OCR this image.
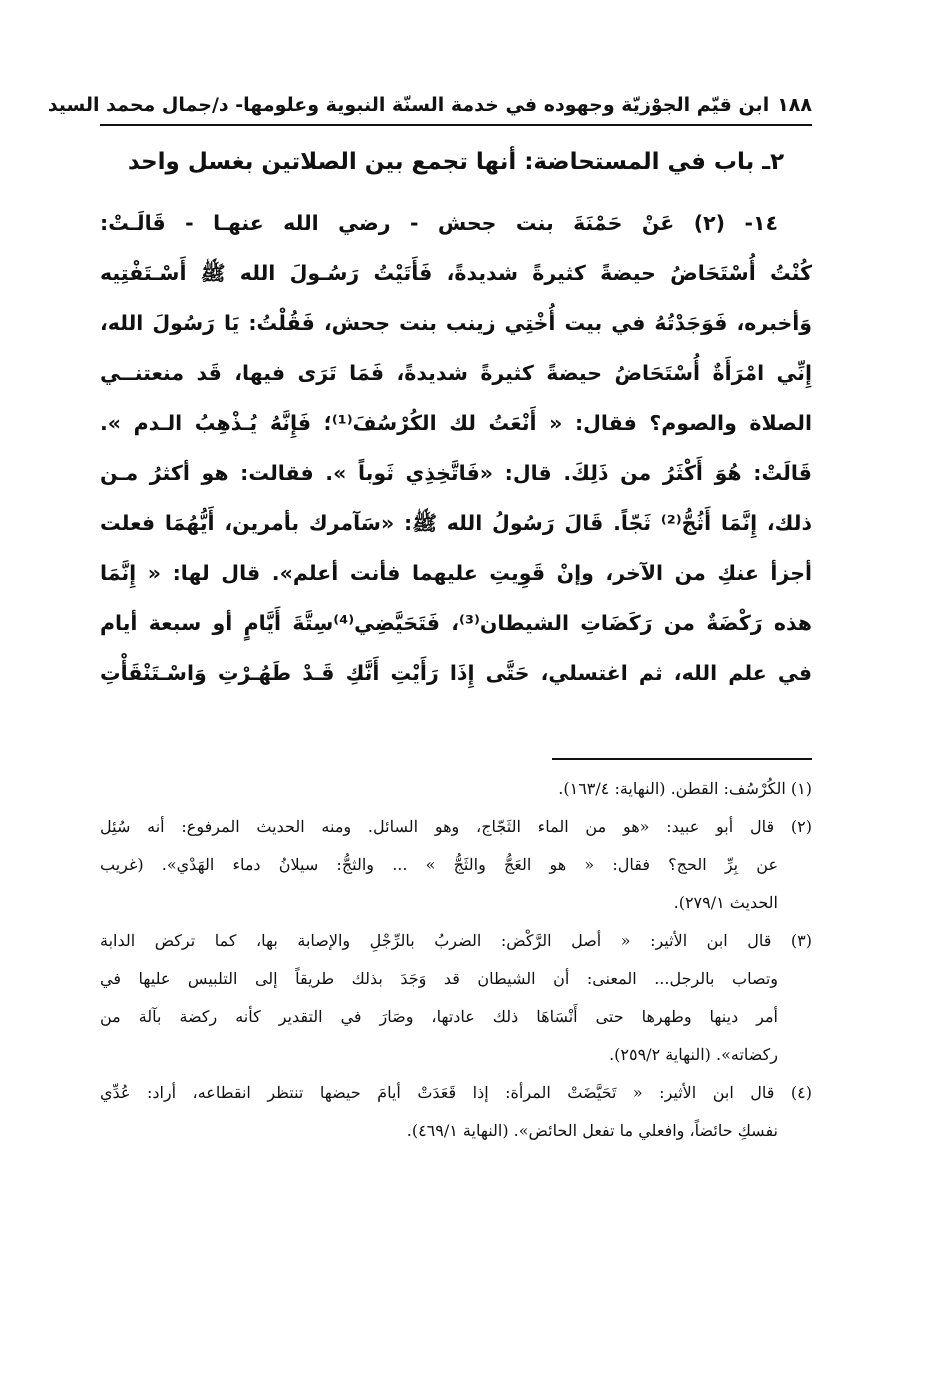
١٨٨
ابن قيّم الجوْزيّة وجهوده في خدمة السنّة النبوية وعلومها- د/جمال محمد السيد
٢ـ باب في المستحاضة: أنها تجمع بين الصلاتين بغسل واحد
١٤- (٢) عَنْ حَمْنَةَ بنت جحش - رضي الله عنهـا - قَالَـتْ:
كُنْتُ أُسْتَحَاضُ حيضةً كثيرةً شديدةً، فَأَتَيْتُ رَسُـولَ الله ﷺ أَسْـتَفْتِيه
وَأخبره، فَوَجَدْتُهُ في بيت أُخْتِي زينب بنت جحش، فَقُلْتُ: يَا رَسُولَ الله،
إِنِّي امْرَأَةٌ أُسْتَحَاضُ حيضةً كثيرةً شديدةً، فَمَا تَرَى فيها، قَد منعتنــي
الصلاة والصوم؟ فقال: « أَنْعَتُ لك الكُرْسُفَ⁽¹⁾؛ فَإِنَّهُ يُـذْهِبُ الـدم ».
قَالَتْ: هُوَ أَكْثَرُ من ذَلِكَ. قال: «فَاتَّخِذِي ثَوباً ». فقالت: هو أكثرُ مـن
ذلك، إِنَّمَا أَثُجُّ⁽²⁾ ثَجّاً. قَالَ رَسُولُ الله ﷺ: «سَآمرك بأمرين، أَيُّهُمَا فعلت
أجزأ عنكِ من الآخر، وإنْ قَوِيتِ عليهما فأنت أعلم». قال لها: « إِنَّمَا
هذه رَكْضَةٌ من رَكَضَاتِ الشيطان⁽³⁾، فَتَحَيَّضِي⁽⁴⁾سِتَّةَ أَيَّامٍ أو سبعة أيام
في علم الله، ثم اغتسلي، حَتَّى إِذَا رَأَيْتِ أَنَّكِ قَـدْ طَهُـرْتِ وَاسْـتَنْقَأْتِ
(١) الكُرْسُف: القطن. (النهاية: ١٦٣/٤).
(٢) قال أبو عبيد: «هو من الماء الثَجّاج، وهو السائل. ومنه الحديث المرفوع: أنه سُئِل
عن بِرِّ الحج؟ فقال: « هو العَجُّ والثَجُّ » ... والثجُّ: سيلانُ دماء الهَدْي». (غريب
الحديث ٢٧٩/١).
(٣) قال ابن الأثير: « أصل الرَّكْض: الضربُ بالرِّجْلِ والإصابة بها، كما تركض الدابة
وتصاب بالرجل... المعنى: أن الشيطان قد وَجَدَ بذلك طريقاً إلى التلبيس عليها في
أمر دينها وطهرها حتى أَنْسَاهَا ذلك عادتها، وصَارَ في التقدير كأنه ركضة بآلة من
ركضاته». (النهاية ٢٥٩/٢).
(٤) قال ابن الأثير: « تَحَيَّضَتْ المرأة: إذا قَعَدَتْ أيامَ حيضها تنتظر انقطاعه، أراد: عُدِّي
نفسكِ حائضاً، وافعلي ما تفعل الحائض». (النهاية ٤٦٩/١).
